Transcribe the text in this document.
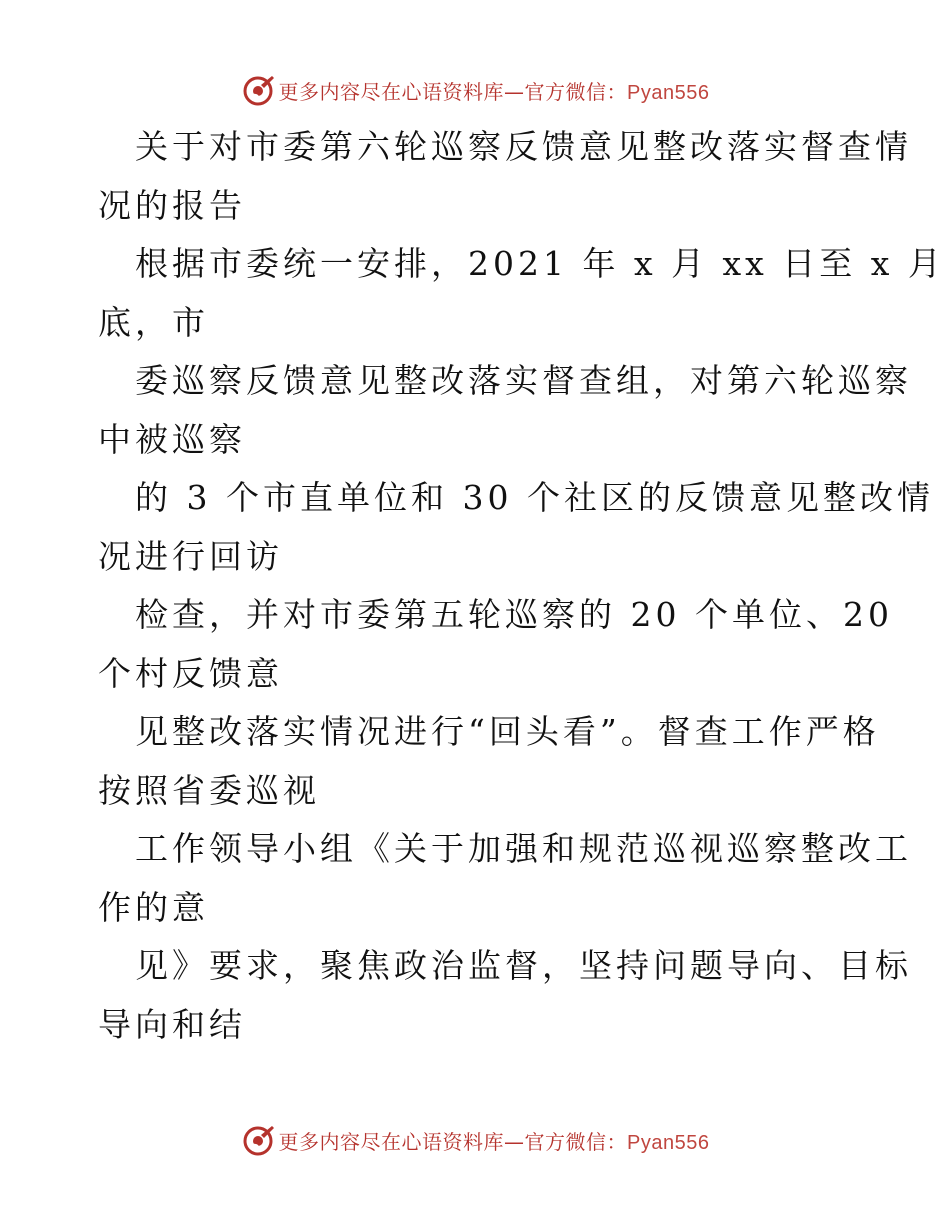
更多内容尽在心语资料库—官方微信：Pyan556
关于对市委第六轮巡察反馈意见整改落实督查情
况的报告
根据市委统一安排，2021 年 x 月 xx 日至 x 月
底，市
委巡察反馈意见整改落实督查组，对第六轮巡察
中被巡察
的 3 个市直单位和 30 个社区的反馈意见整改情
况进行回访
检查，并对市委第五轮巡察的 20 个单位、20
个村反馈意
见整改落实情况进行“回头看”。督查工作严格
按照省委巡视
工作领导小组《关于加强和规范巡视巡察整改工
作的意
见》要求，聚焦政治监督，坚持问题导向、目标
导向和结
更多内容尽在心语资料库—官方微信：Pyan556
